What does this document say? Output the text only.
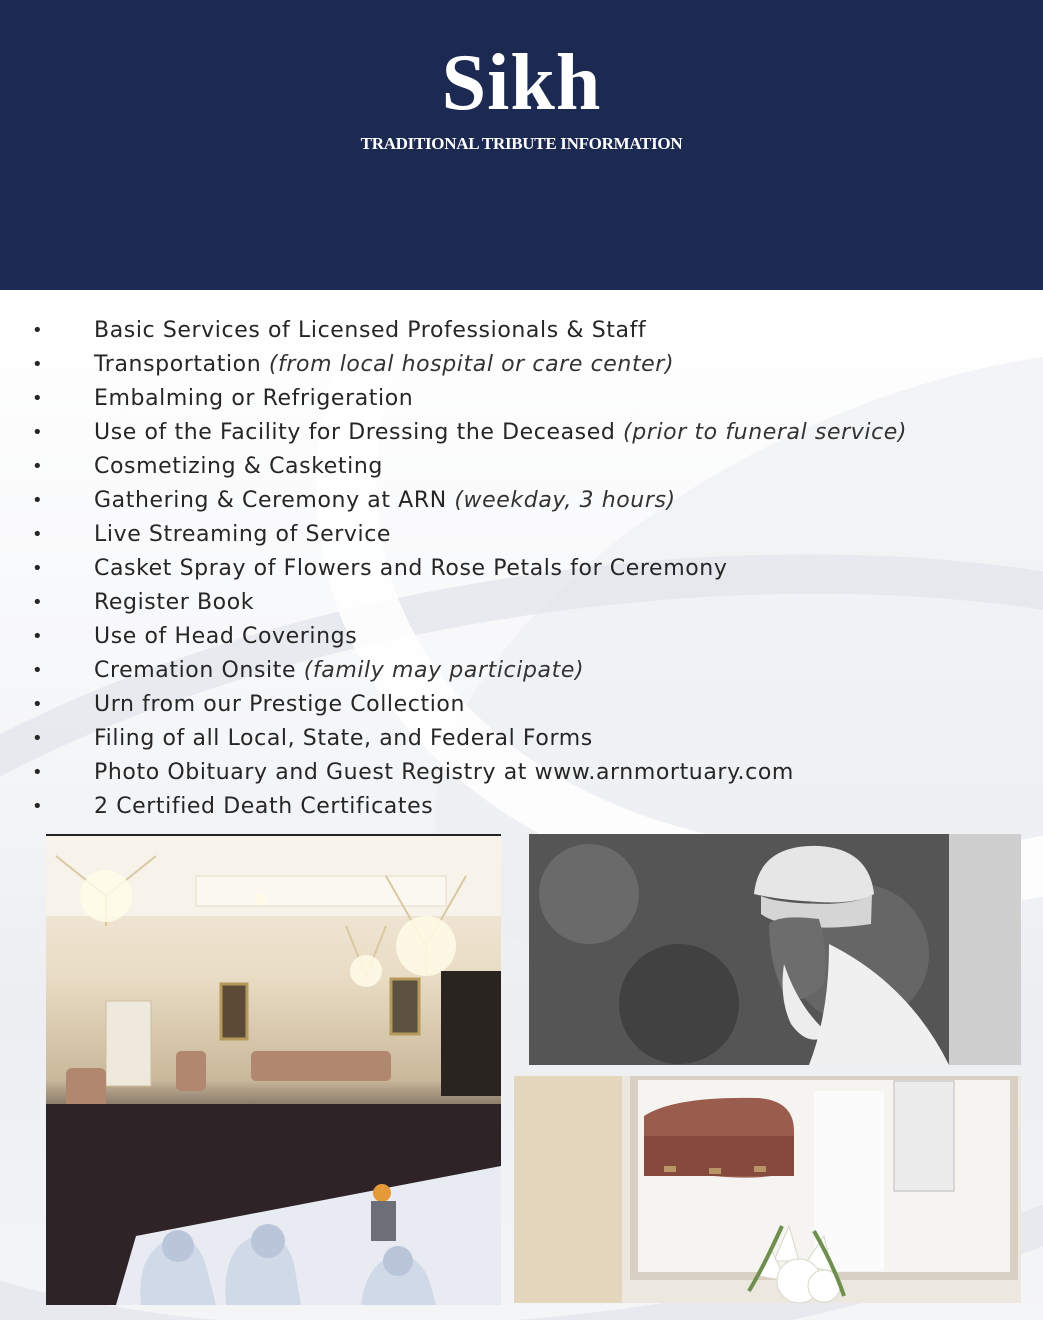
Sikh
TRADITIONAL TRIBUTE INFORMATION
• Basic Services of Licensed Professionals & Staff
• Transportation (from local hospital or care center)
• Embalming or Refrigeration
• Use of the Facility for Dressing the Deceased (prior to funeral service)
• Cosmetizing & Casketing
• Gathering & Ceremony at ARN (weekday, 3 hours)
• Live Streaming of Service
• Casket Spray of Flowers and Rose Petals for Ceremony
• Register Book
• Use of Head Coverings
• Cremation Onsite (family may participate)
• Urn from our Prestige Collection
• Filing of all Local, State, and Federal Forms
• Photo Obituary and Guest Registry at www.arnmortuary.com
• 2 Certified Death Certificates
